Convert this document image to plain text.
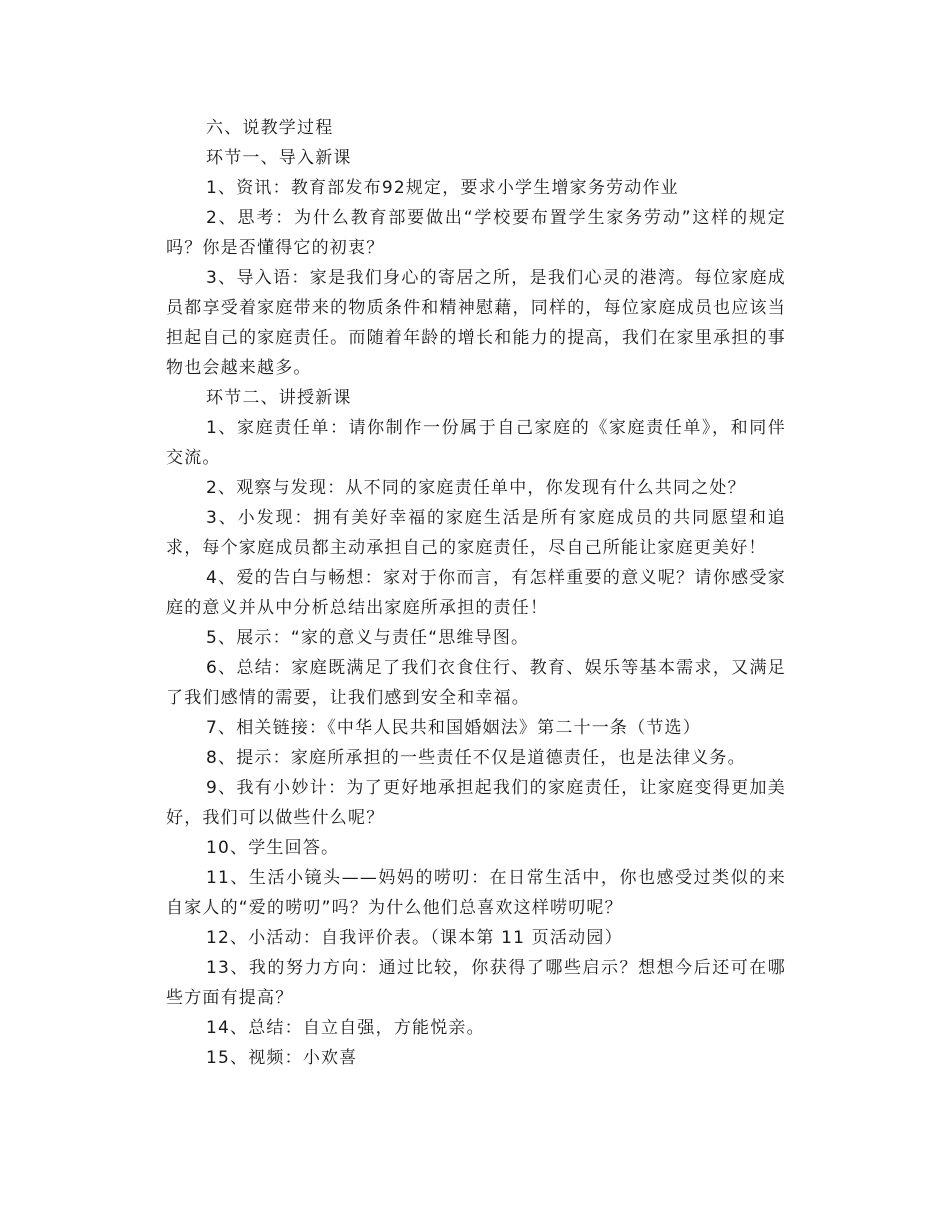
六、说教学过程

环节一、导入新课

1、资讯：教育部发布92规定，要求小学生增家务劳动作业

2、思考：为什么教育部要做出“学校要布置学生家务劳动”这样的规定吗？你是否懂得它的初衷？

3、导入语：家是我们身心的寄居之所，是我们心灵的港湾。每位家庭成员都享受着家庭带来的物质条件和精神慰藉，同样的，每位家庭成员也应该当担起自己的家庭责任。而随着年龄的增长和能力的提高，我们在家里承担的事物也会越来越多。

环节二、讲授新课

1、家庭责任单：请你制作一份属于自己家庭的《家庭责任单》，和同伴交流。

2、观察与发现：从不同的家庭责任单中，你发现有什么共同之处？

3、小发现：拥有美好幸福的家庭生活是所有家庭成员的共同愿望和追求，每个家庭成员都主动承担自己的家庭责任，尽自己所能让家庭更美好！

4、爱的告白与畅想：家对于你而言，有怎样重要的意义呢？请你感受家庭的意义并从中分析总结出家庭所承担的责任！

5、展示：“家的意义与责任“思维导图。

6、总结：家庭既满足了我们衣食住行、教育、娱乐等基本需求，又满足了我们感情的需要，让我们感到安全和幸福。

7、相关链接：《中华人民共和国婚姻法》第二十一条（节选）

8、提示：家庭所承担的一些责任不仅是道德责任，也是法律义务。

9、我有小妙计：为了更好地承担起我们的家庭责任，让家庭变得更加美好，我们可以做些什么呢？

10、学生回答。

11、生活小镜头——妈妈的唠叨：在日常生活中，你也感受过类似的来自家人的“爱的唠叨”吗？为什么他们总喜欢这样唠叨呢？

12、小活动：自我评价表。（课本第 11 页活动园）

13、我的努力方向：通过比较，你获得了哪些启示？想想今后还可在哪些方面有提高？

14、总结：自立自强，方能悦亲。

15、视频：小欢喜
